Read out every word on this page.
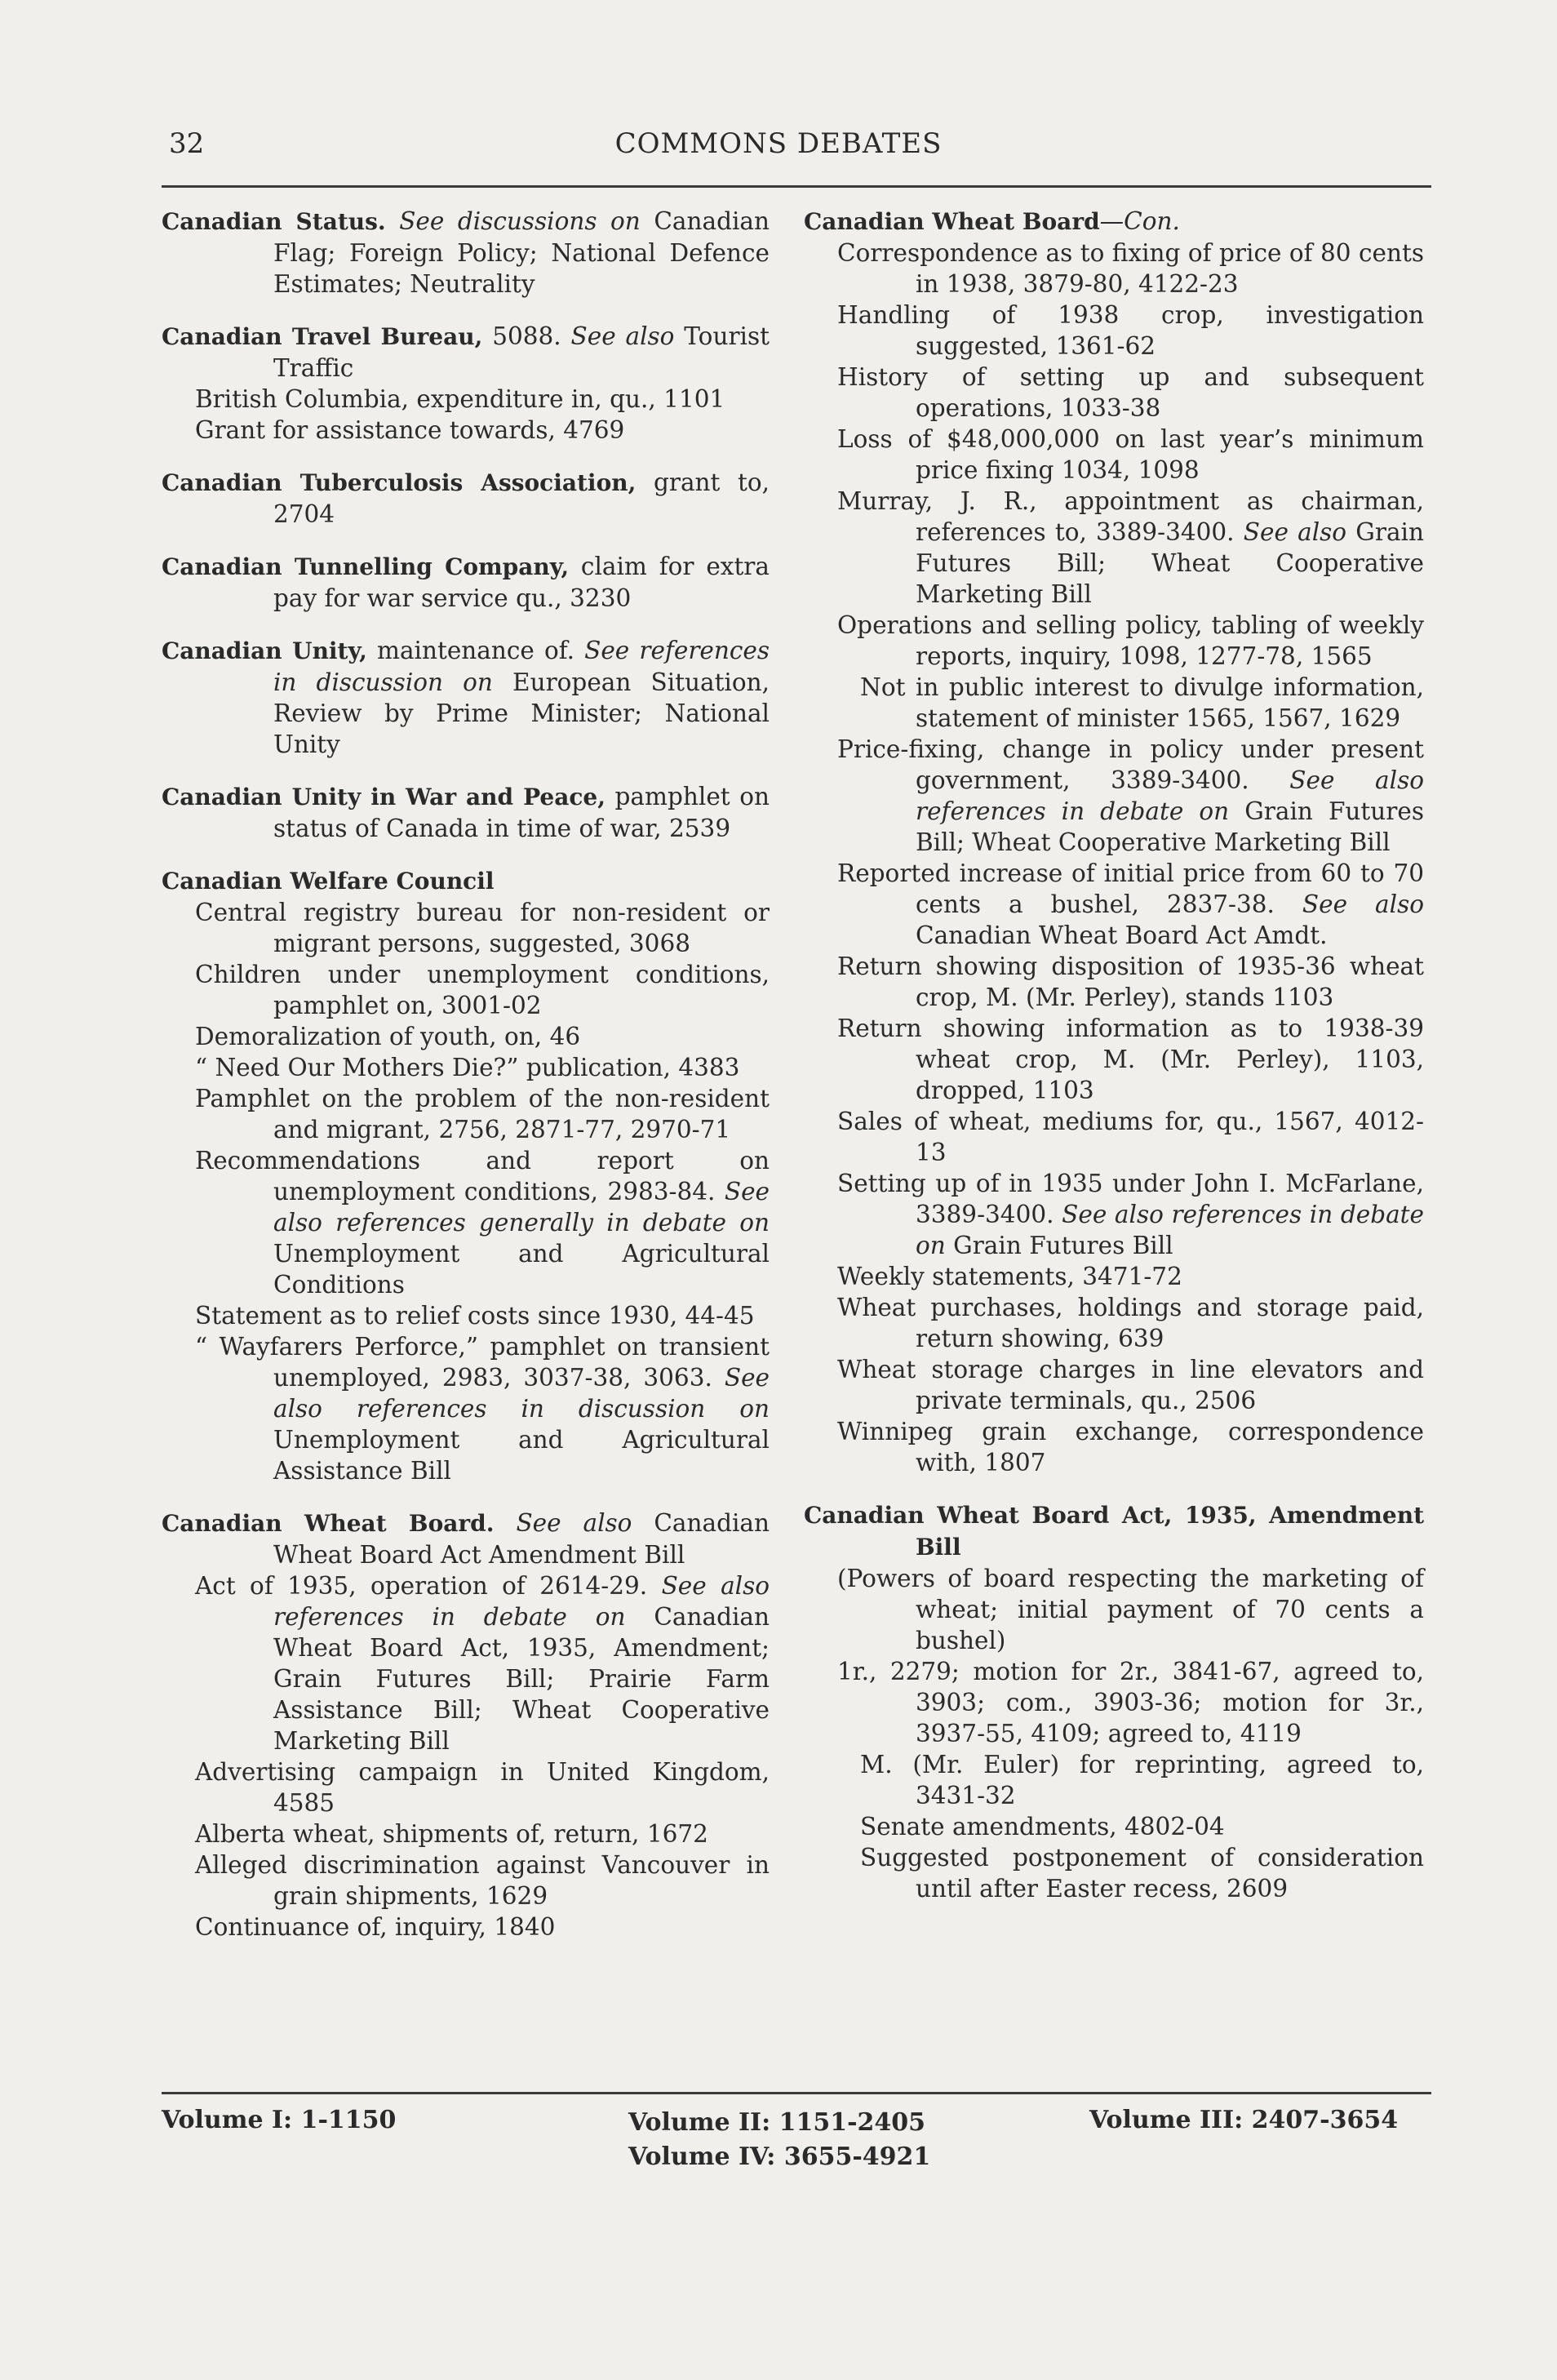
32	COMMONS DEBATES
Canadian Status. See discussions on Canadian Flag; Foreign Policy; National Defence Estimates; Neutrality
Canadian Travel Bureau, 5088. See also Tourist Traffic
British Columbia, expenditure in, qu., 1101
Grant for assistance towards, 4769
Canadian Tuberculosis Association, grant to, 2704
Canadian Tunnelling Company, claim for extra pay for war service qu., 3230
Canadian Unity, maintenance of. See references in discussion on European Situation, Review by Prime Minister; National Unity
Canadian Unity in War and Peace, pamphlet on status of Canada in time of war, 2539
Canadian Welfare Council
Central registry bureau for non-resident or migrant persons, suggested, 3068
Children under unemployment conditions, pamphlet on, 3001-02
Demoralization of youth, on, 46
“ Need Our Mothers Die?” publication, 4383
Pamphlet on the problem of the non-resident and migrant, 2756, 2871-77, 2970-71
Recommendations and report on unemployment conditions, 2983-84. See also references generally in debate on Unemployment and Agricultural Conditions
Statement as to relief costs since 1930, 44-45
“ Wayfarers Perforce,” pamphlet on transient unemployed, 2983, 3037-38, 3063. See also references in discussion on Unemployment and Agricultural Assistance Bill
Canadian Wheat Board. See also Canadian Wheat Board Act Amendment Bill
Act of 1935, operation of 2614-29. See also references in debate on Canadian Wheat Board Act, 1935, Amendment; Grain Futures Bill; Prairie Farm Assistance Bill; Wheat Cooperative Marketing Bill
Advertising campaign in United Kingdom, 4585
Alberta wheat, shipments of, return, 1672
Alleged discrimination against Vancouver in grain shipments, 1629
Continuance of, inquiry, 1840
Canadian Wheat Board—Con.
Correspondence as to fixing of price of 80 cents in 1938, 3879-80, 4122-23
Handling of 1938 crop, investigation suggested, 1361-62
History of setting up and subsequent operations, 1033-38
Loss of $48,000,000 on last year’s minimum price fixing 1034, 1098
Murray, J. R., appointment as chairman, references to, 3389-3400. See also Grain Futures Bill; Wheat Cooperative Marketing Bill
Operations and selling policy, tabling of weekly reports, inquiry, 1098, 1277-78, 1565
Not in public interest to divulge information, statement of minister 1565, 1567, 1629
Price-fixing, change in policy under present government, 3389-3400. See also references in debate on Grain Futures Bill; Wheat Cooperative Marketing Bill
Reported increase of initial price from 60 to 70 cents a bushel, 2837-38. See also Canadian Wheat Board Act Amdt.
Return showing disposition of 1935-36 wheat crop, M. (Mr. Perley), stands 1103
Return showing information as to 1938-39 wheat crop, M. (Mr. Perley), 1103, dropped, 1103
Sales of wheat, mediums for, qu., 1567, 4012-13
Setting up of in 1935 under John I. McFarlane, 3389-3400. See also references in debate on Grain Futures Bill
Weekly statements, 3471-72
Wheat purchases, holdings and storage paid, return showing, 639
Wheat storage charges in line elevators and private terminals, qu., 2506
Winnipeg grain exchange, correspondence with, 1807
Canadian Wheat Board Act, 1935, Amendment Bill
(Powers of board respecting the marketing of wheat; initial payment of 70 cents a bushel)
1r., 2279; motion for 2r., 3841-67, agreed to, 3903; com., 3903-36; motion for 3r., 3937-55, 4109; agreed to, 4119
M. (Mr. Euler) for reprinting, agreed to, 3431-32
Senate amendments, 4802-04
Suggested postponement of consideration until after Easter recess, 2609
Volume I: 1-1150	Volume II: 1151-2405
Volume IV: 3655-4921
Volume III: 2407-3654
